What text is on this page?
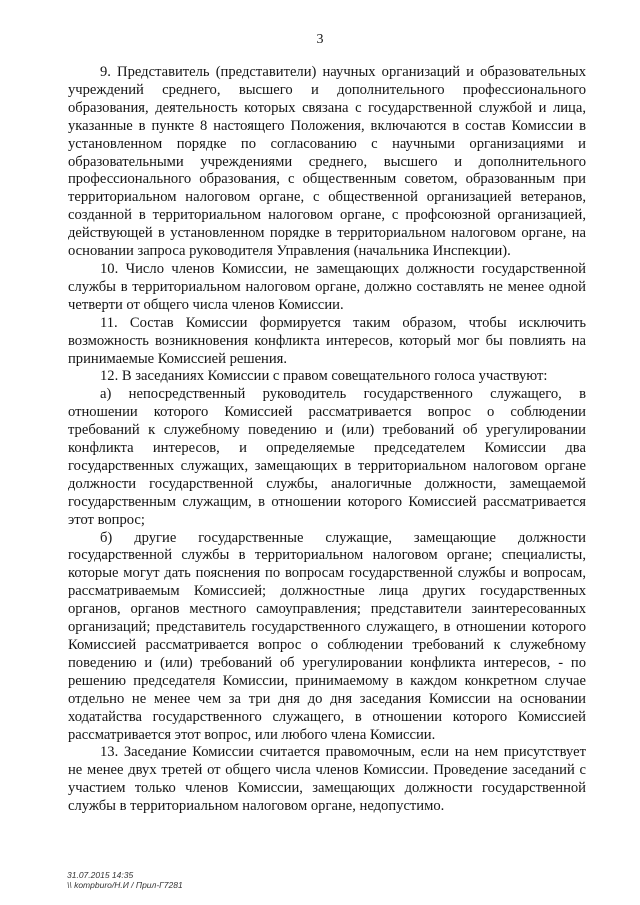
3

9. Представитель (представители) научных организаций и образовательных учреждений среднего, высшего и дополнительного профессионального образования, деятельность которых связана с государственной службой и лица, указанные в пункте 8 настоящего Положения, включаются в состав Комиссии в установленном порядке по согласованию с научными организациями и образовательными учреждениями среднего, высшего и дополнительного профессионального образования, с общественным советом, образованным при территориальном налоговом органе, с общественной организацией ветеранов, созданной в территориальном налоговом органе, с профсоюзной организацией, действующей в установленном порядке в территориальном налоговом органе, на основании запроса руководителя Управления (начальника Инспекции).

10. Число членов Комиссии, не замещающих должности государственной службы в территориальном налоговом органе, должно составлять не менее одной четверти от общего числа членов Комиссии.

11. Состав Комиссии формируется таким образом, чтобы исключить возможность возникновения конфликта интересов, который мог бы повлиять на принимаемые Комиссией решения.

12. В заседаниях Комиссии с правом совещательного голоса участвуют:

а) непосредственный руководитель государственного служащего, в отношении которого Комиссией рассматривается вопрос о соблюдении требований к служебному поведению и (или) требований об урегулировании конфликта интересов, и определяемые председателем Комиссии два государственных служащих, замещающих в территориальном налоговом органе должности государственной службы, аналогичные должности, замещаемой государственным служащим, в отношении которого Комиссией рассматривается этот вопрос;

б) другие государственные служащие, замещающие должности государственной службы в территориальном налоговом органе; специалисты, которые могут дать пояснения по вопросам государственной службы и вопросам, рассматриваемым Комиссией; должностные лица других государственных органов, органов местного самоуправления; представители заинтересованных организаций; представитель государственного служащего, в отношении которого Комиссией рассматривается вопрос о соблюдении требований к служебному поведению и (или) требований об урегулировании конфликта интересов, - по решению председателя Комиссии, принимаемому в каждом конкретном случае отдельно не менее чем за три дня до дня заседания Комиссии на основании ходатайства государственного служащего, в отношении которого Комиссией рассматривается этот вопрос, или любого члена Комиссии.

13. Заседание Комиссии считается правомочным, если на нем присутствует не менее двух третей от общего числа членов Комиссии. Проведение заседаний с участием только членов Комиссии, замещающих должности государственной службы в территориальном налоговом органе, недопустимо.

31.07.2015 14:35
\\ kompburo/Н.И / Прил-Г7281
